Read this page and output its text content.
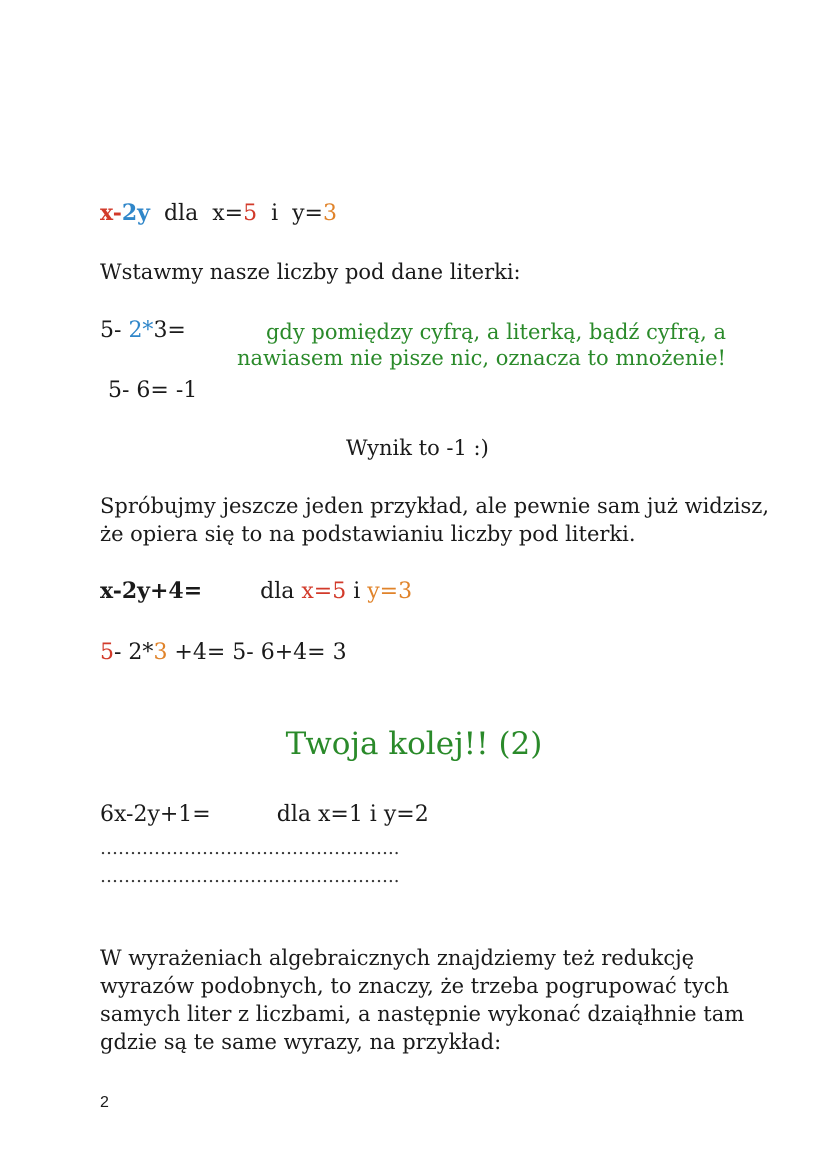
x-2y dla x=5 i y=3
Wstawmy nasze liczby pod dane literki:
5- 2*3=	gdy pomiędzy cyfrą, a literką, bądź cyfrą, a
nawiasem nie pisze nic, oznacza to mnożenie!
5- 6= -1
Wynik to -1 :)
Spróbujmy jeszcze jeden przykład, ale pewnie sam już widzisz,
że opiera się to na podstawianiu liczby pod literki.
x-2y+4=	dla x=5 i y=3
5- 2*3 +4= 5- 6+4= 3
Twoja kolej!! (2)
6x-2y+1=	dla x=1 i y=2
…………………………………………..
…………………………………………..
W wyrażeniach algebraicznych znajdziemy też redukcję
wyrazów podobnych, to znaczy, że trzeba pogrupować tych
samych liter z liczbami, a następnie wykonać dzaiąłhnie tam
gdzie są te same wyrazy, na przykład:
2
